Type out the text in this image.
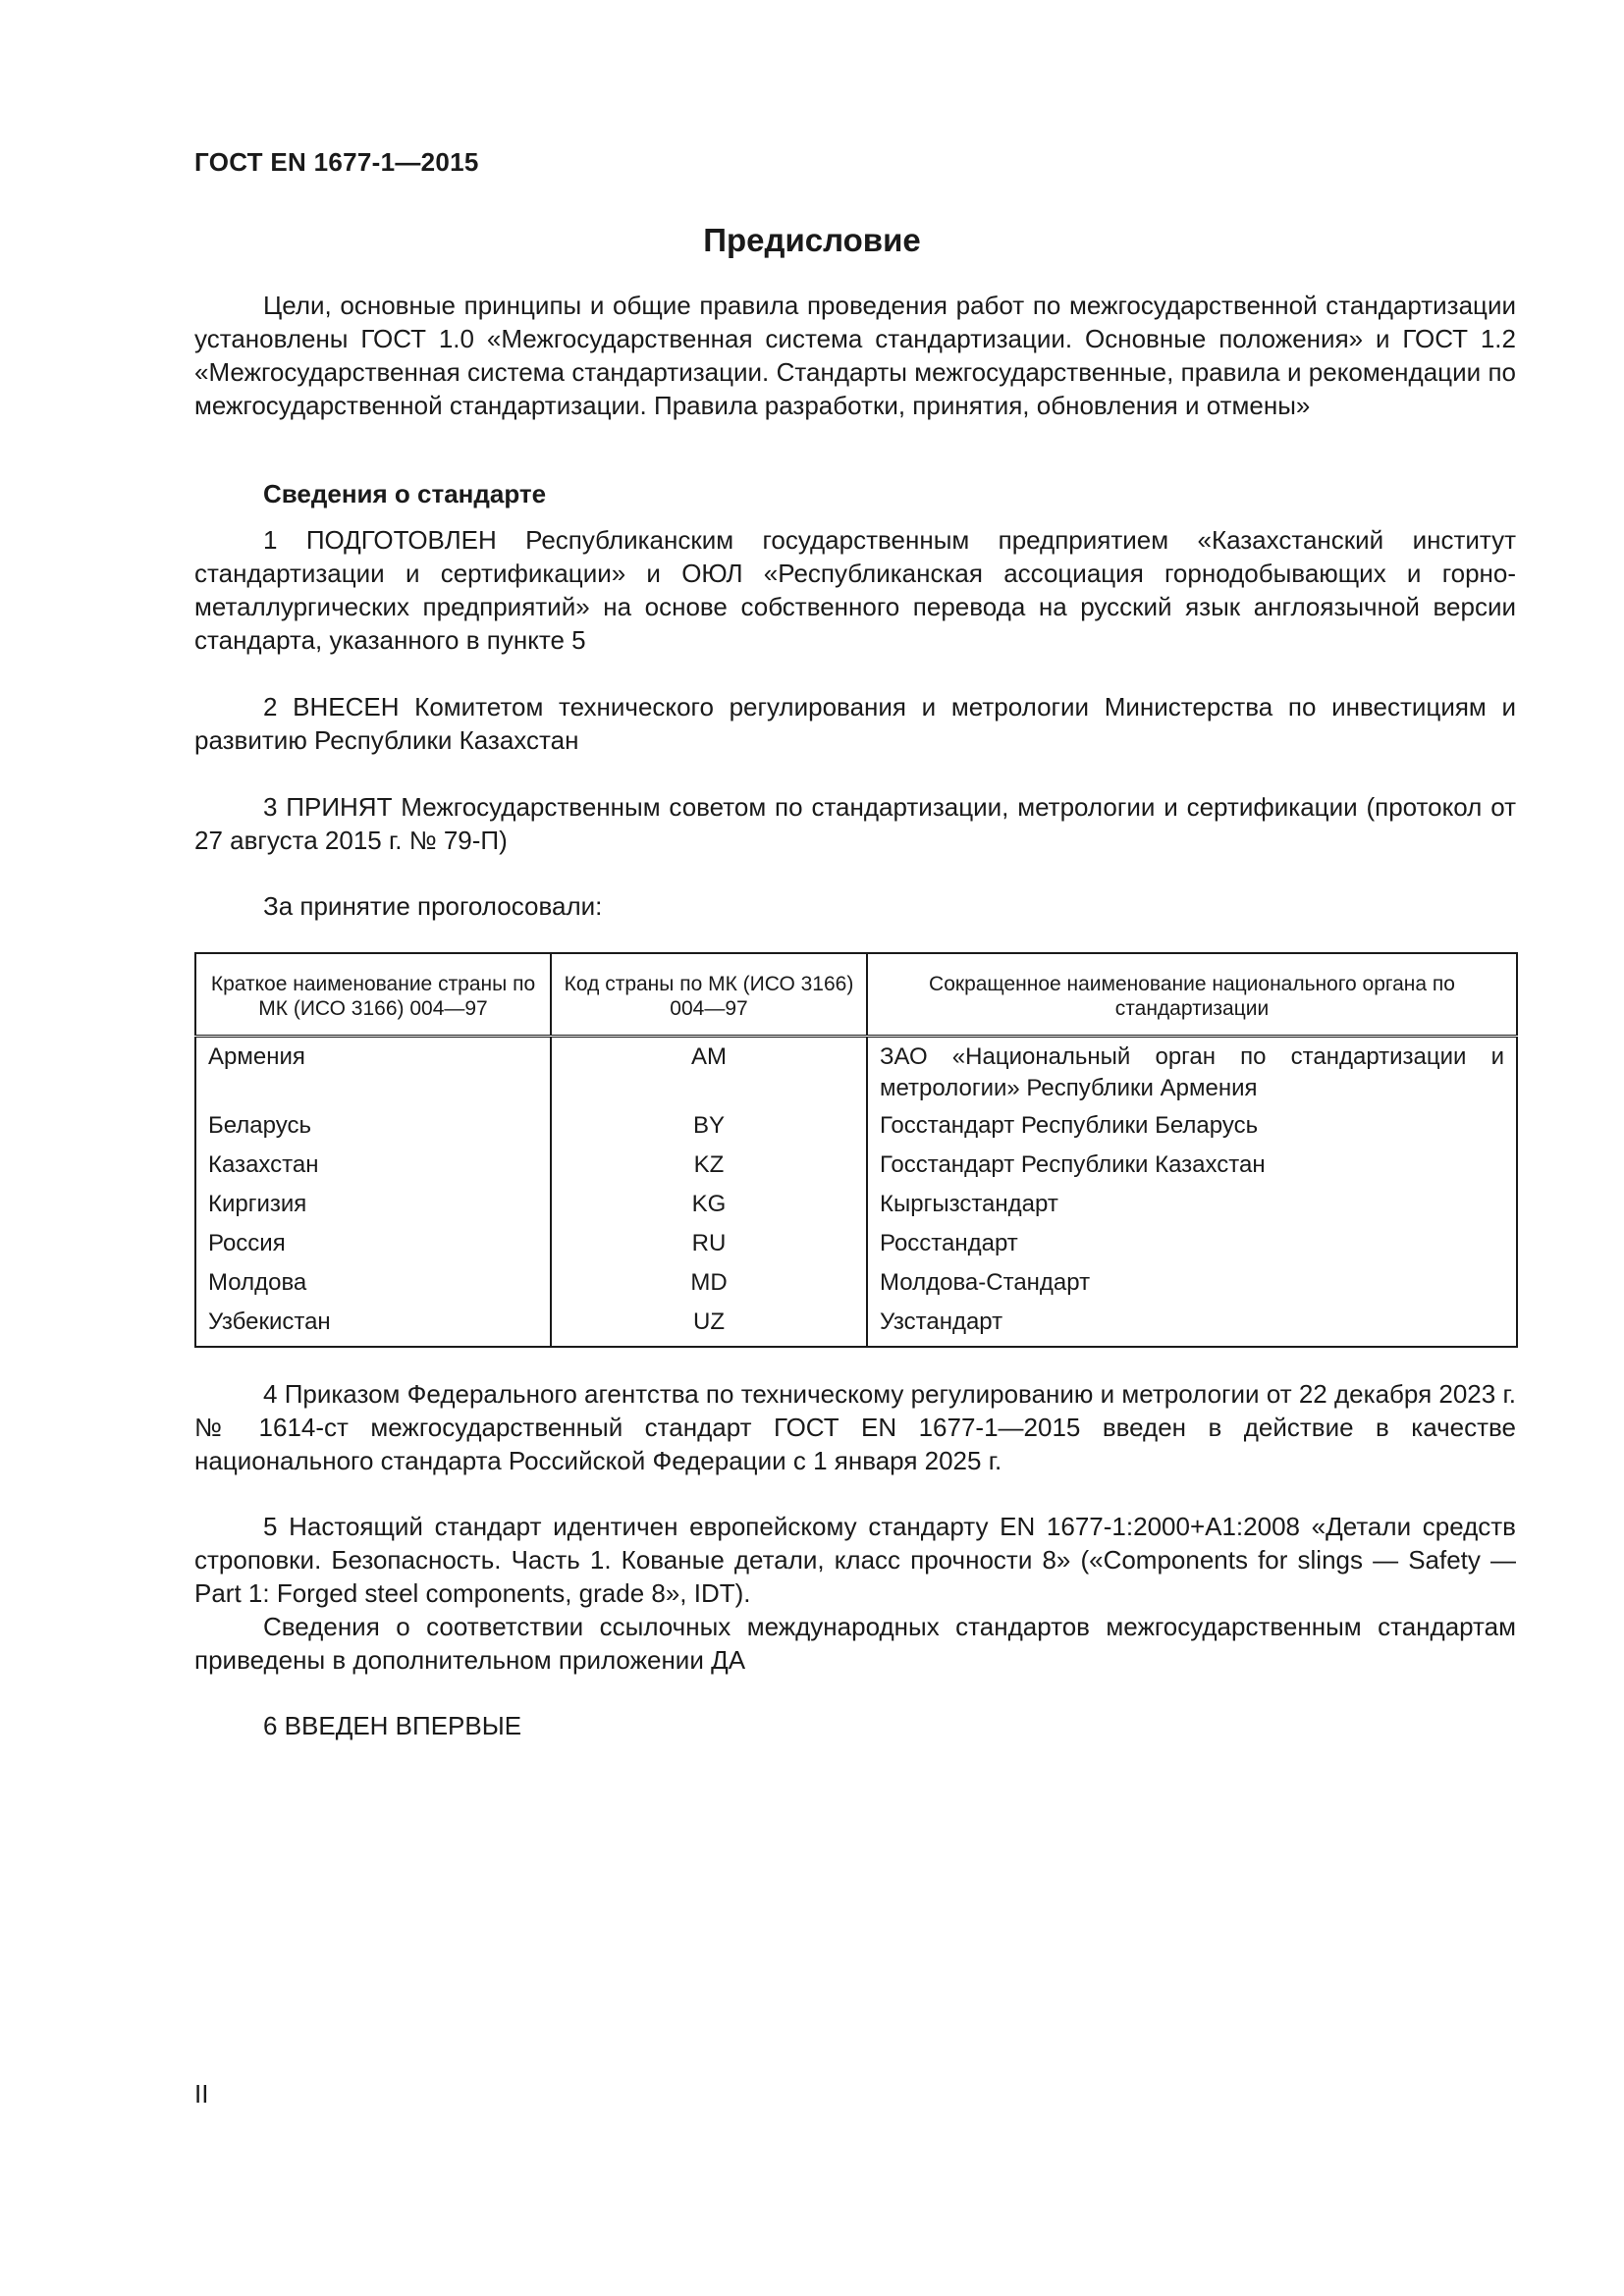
ГОСТ EN 1677-1—2015
Предисловие
Цели, основные принципы и общие правила проведения работ по межгосударственной стандартизации установлены ГОСТ 1.0 «Межгосударственная система стандартизации. Основные положения» и ГОСТ 1.2 «Межгосударственная система стандартизации. Стандарты межгосударственные, правила и рекомендации по межгосударственной стандартизации. Правила разработки, принятия, обновления и отмены»
Сведения о стандарте
1 ПОДГОТОВЛЕН Республиканским государственным предприятием «Казахстанский институт стандартизации и сертификации» и ОЮЛ «Республиканская ассоциация горнодобывающих и горно-металлургических предприятий» на основе собственного перевода на русский язык англоязычной версии стандарта, указанного в пункте 5
2 ВНЕСЕН Комитетом технического регулирования и метрологии Министерства по инвестициям и развитию Республики Казахстан
3 ПРИНЯТ Межгосударственным советом по стандартизации, метрологии и сертификации (протокол от 27 августа 2015 г. № 79-П)
За принятие проголосовали:
Краткое наименование страны по МК (ИСО 3166) 004—97	Код страны по МК (ИСО 3166) 004—97	Сокращенное наименование национального органа по стандартизации
Армения	AM	ЗАО «Национальный орган по стандартизации и метрологии» Республики Армения
Беларусь	BY	Госстандарт Республики Беларусь
Казахстан	KZ	Госстандарт Республики Казахстан
Киргизия	KG	Кыргызстандарт
Россия	RU	Росстандарт
Молдова	MD	Молдова-Стандарт
Узбекистан	UZ	Узстандарт
4 Приказом Федерального агентства по техническому регулированию и метрологии от 22 декабря 2023 г. № 1614-ст межгосударственный стандарт ГОСТ EN 1677-1—2015 введен в действие в качестве национального стандарта Российской Федерации с 1 января 2025 г.
5 Настоящий стандарт идентичен европейскому стандарту EN 1677-1:2000+A1:2008 «Детали средств строповки. Безопасность. Часть 1. Кованые детали, класс прочности 8» («Components for slings — Safety — Part 1: Forged steel components, grade 8», IDT).
Сведения о соответствии ссылочных международных стандартов межгосударственным стандартам приведены в дополнительном приложении ДА
6 ВВЕДЕН ВПЕРВЫЕ
II
